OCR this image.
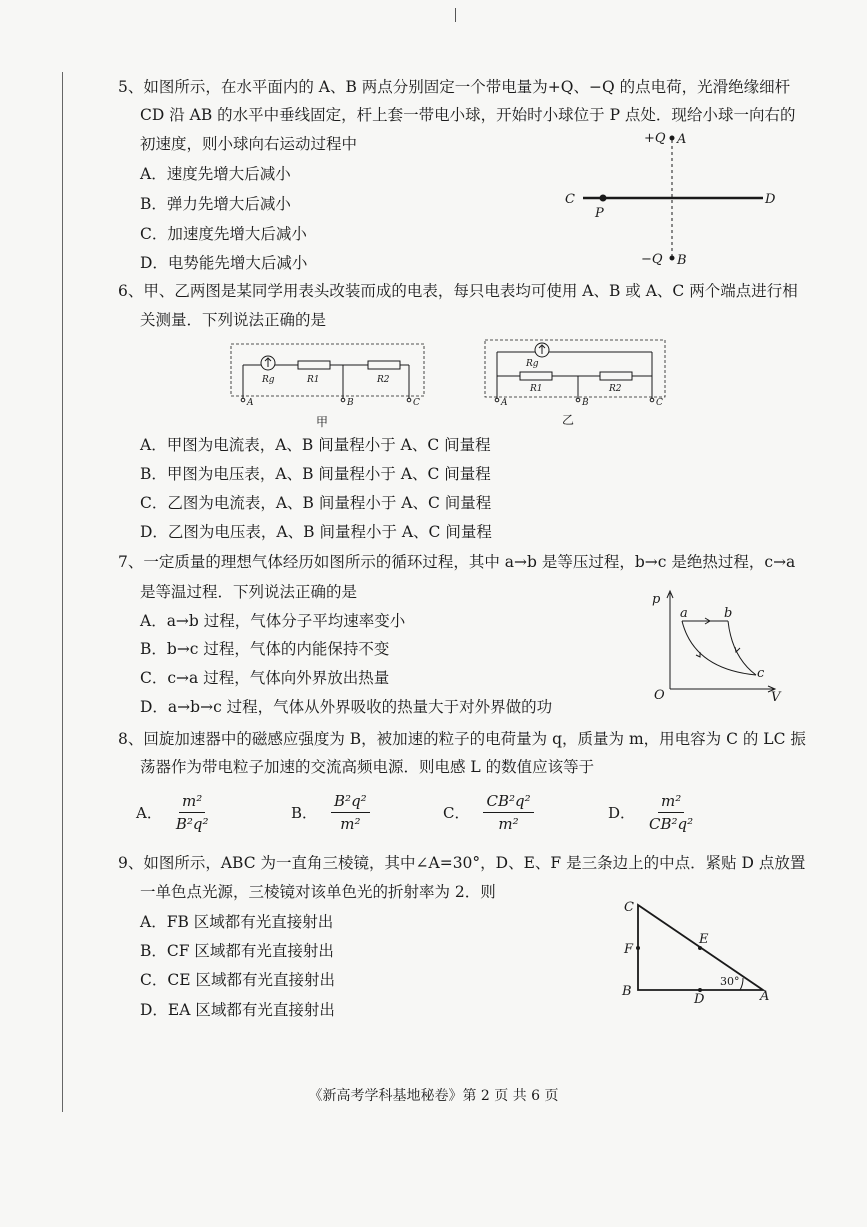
5、如图所示，在水平面内的 A、B 两点分别固定一个带电量为+Q、−Q 的点电荷，光滑绝缘细杆
CD 沿 AB 的水平中垂线固定，杆上套一带电小球，开始时小球位于 P 点处．现给小球一向右的
初速度，则小球向右运动过程中
A．速度先增大后减小
B．弹力先增大后减小
C．加速度先增大后减小
D．电势能先增大后减小
+Q A
C	D
P
−Q B
6、甲、乙两图是某同学用表头改装而成的电表，每只电表均可使用 A、B 或 A、C 两个端点进行相
关测量．下列说法正确的是
Rg	R1	R2
A	B	C
甲
Rg
R1	R2
A	B	C
乙
A．甲图为电流表，A、B 间量程小于 A、C 间量程
B．甲图为电压表，A、B 间量程小于 A、C 间量程
C．乙图为电流表，A、B 间量程小于 A、C 间量程
D．乙图为电压表，A、B 间量程小于 A、C 间量程
7、一定质量的理想气体经历如图所示的循环过程，其中 a→b 是等压过程，b→c 是绝热过程，c→a
是等温过程．下列说法正确的是
A．a→b 过程，气体分子平均速率变小
B．b→c 过程，气体的内能保持不变
C．c→a 过程，气体向外界放出热量
D．a→b→c 过程，气体从外界吸收的热量大于对外界做的功
p
V
O
a	b
c
8、回旋加速器中的磁感应强度为 B，被加速的粒子的电荷量为 q，质量为 m，用电容为 C 的 LC 振
荡器作为带电粒子加速的交流高频电源．则电感 L 的数值应该等于
A． $\frac{\text{m²}}{\text{B²q²}}$	B． $\frac{\text{B²q²}}{\text{m²}}$	C． $\frac{\text{CB²q²}}{\text{m²}}$	D． $\frac{\text{m²}}{\text{CB²q²}}$
9、如图所示，ABC 为一直角三棱镜，其中∠A=30°，D、E、F 是三条边上的中点．紧贴 D 点放置
一单色点光源，三棱镜对该单色光的折射率为 2．则
A．FB 区域都有光直接射出
B．CF 区域都有光直接射出
C．CE 区域都有光直接射出
D．EA 区域都有光直接射出
C
B	A
D
E
F
30°
《新高考学科基地秘卷》第 2 页 共 6 页
